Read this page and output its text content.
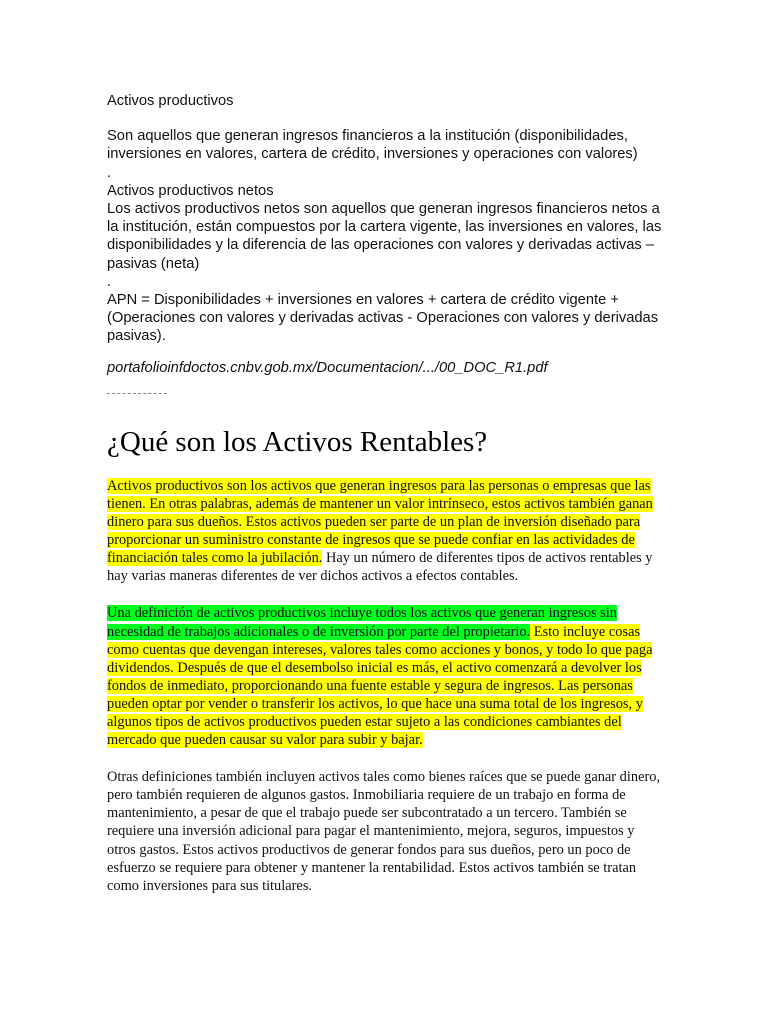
Activos productivos

Son aquellos que generan ingresos financieros a la institución (disponibilidades, inversiones en valores, cartera de crédito, inversiones y operaciones con valores)

.

Activos productivos netos

Los activos productivos netos son aquellos que generan ingresos financieros netos a la institución, están compuestos por la cartera vigente, las inversiones en valores, las disponibilidades y la diferencia de las operaciones con valores y derivadas activas – pasivas (neta)

.

APN = Disponibilidades + inversiones en valores + cartera de crédito vigente + (Operaciones con valores y derivadas activas - Operaciones con valores y derivadas pasivas).

portafolioinfdoctos.cnbv.gob.mx/Documentacion/.../00_DOC_R1.pdf

¿Qué son los Activos Rentables?

Activos productivos son los activos que generan ingresos para las personas o empresas que las tienen. En otras palabras, además de mantener un valor intrínseco, estos activos también ganan dinero para sus dueños. Estos activos pueden ser parte de un plan de inversión diseñado para proporcionar un suministro constante de ingresos que se puede confiar en las actividades de financiación tales como la jubilación. Hay un número de diferentes tipos de activos rentables y hay varias maneras diferentes de ver dichos activos a efectos contables.

Una definición de activos productivos incluye todos los activos que generan ingresos sin necesidad de trabajos adicionales o de inversión por parte del propietario. Esto incluye cosas como cuentas que devengan intereses, valores tales como acciones y bonos, y todo lo que paga dividendos. Después de que el desembolso inicial es más, el activo comenzará a devolver los fondos de inmediato, proporcionando una fuente estable y segura de ingresos. Las personas pueden optar por vender o transferir los activos, lo que hace una suma total de los ingresos, y algunos tipos de activos productivos pueden estar sujeto a las condiciones cambiantes del mercado que pueden causar su valor para subir y bajar.

Otras definiciones también incluyen activos tales como bienes raíces que se puede ganar dinero, pero también requieren de algunos gastos. Inmobiliaria requiere de un trabajo en forma de mantenimiento, a pesar de que el trabajo puede ser subcontratado a un tercero. También se requiere una inversión adicional para pagar el mantenimiento, mejora, seguros, impuestos y otros gastos. Estos activos productivos de generar fondos para sus dueños, pero un poco de esfuerzo se requiere para obtener y mantener la rentabilidad. Estos activos también se tratan como inversiones para sus titulares.
